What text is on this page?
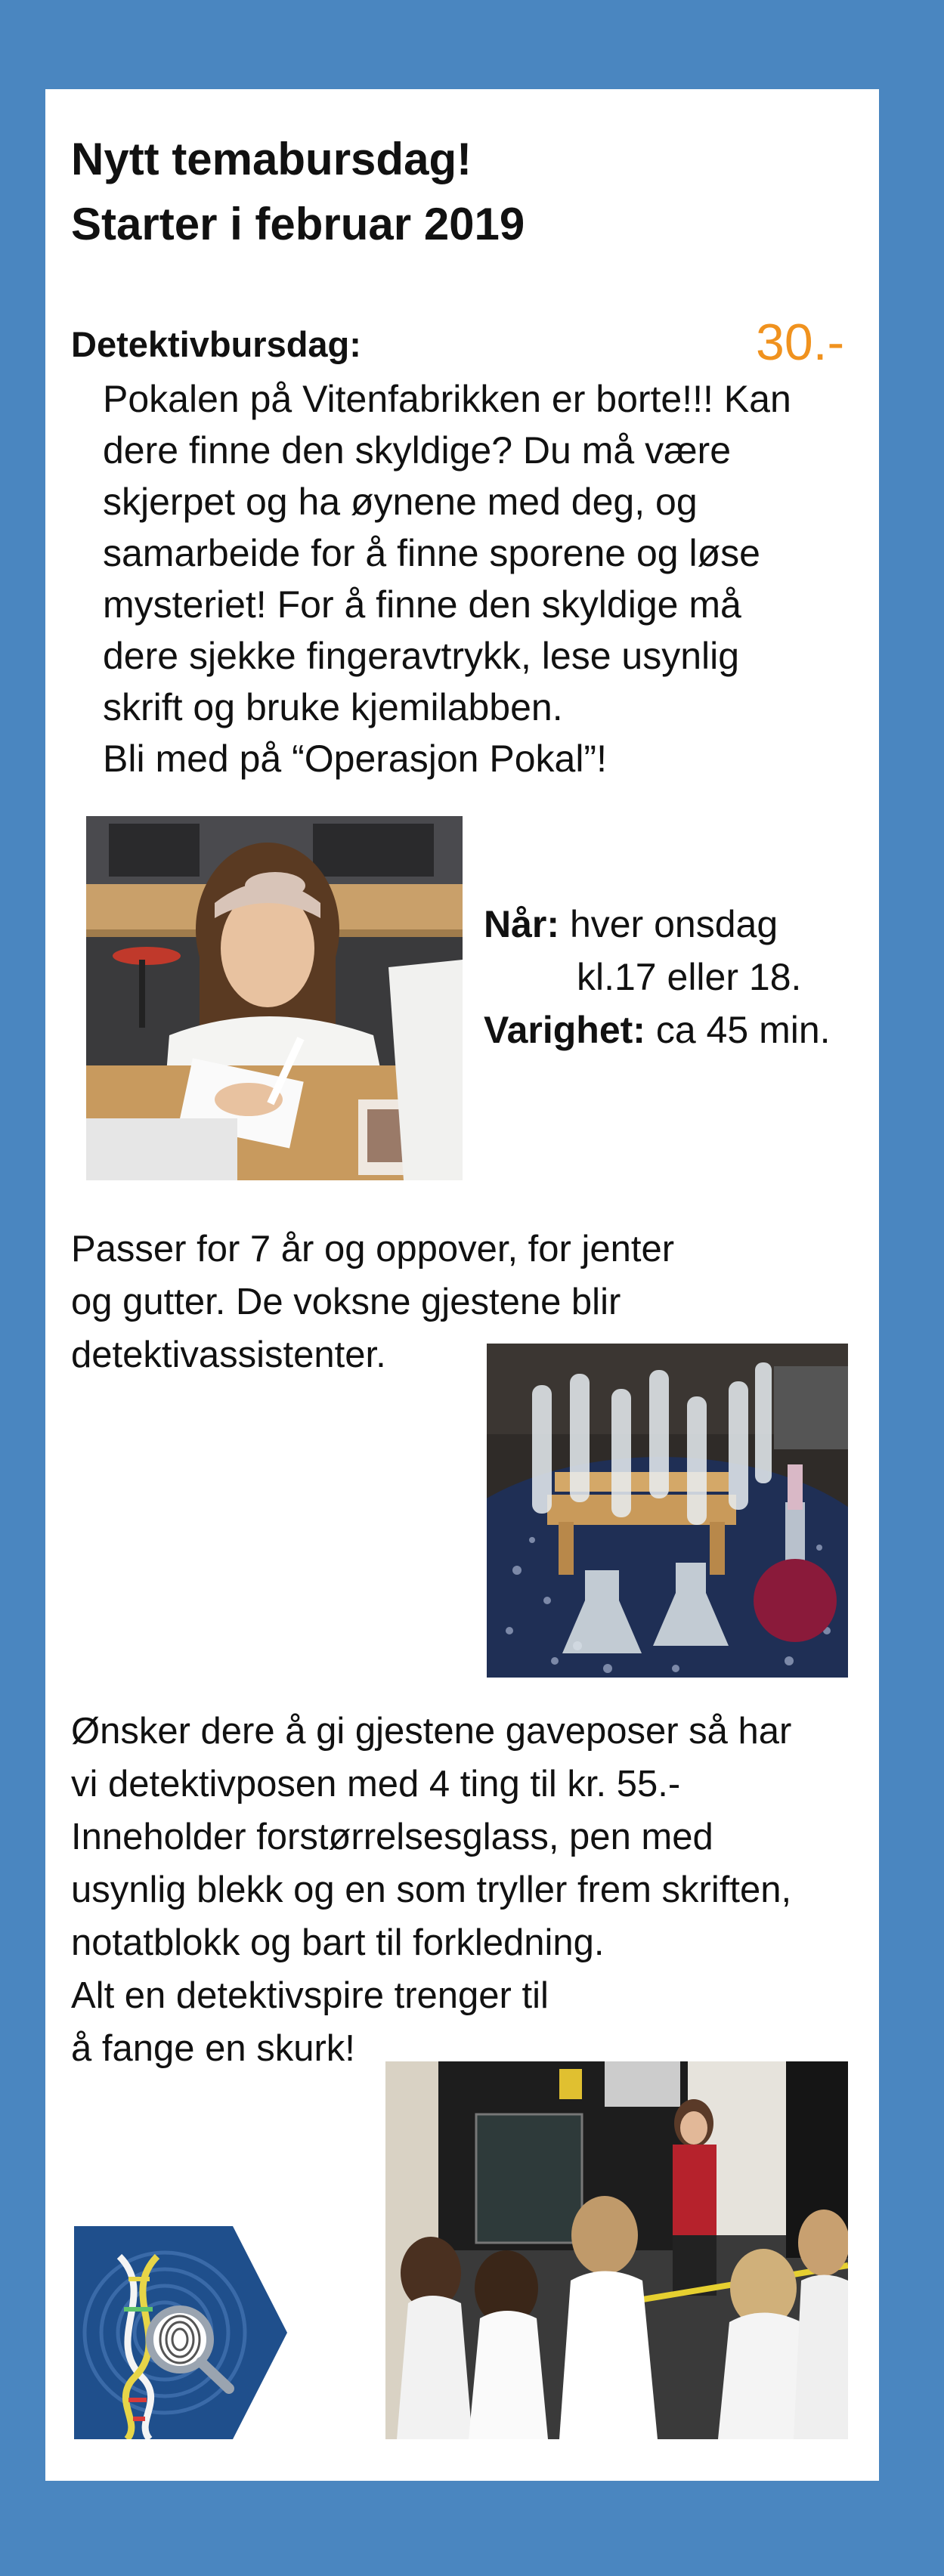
Nytt temabursdag!
Starter i februar 2019
Detektivbursdag:	30.-

Pokalen på Vitenfabrikken er borte!!! Kan
dere finne den skyldige? Du må være
skjerpet og ha øynene med deg, og
samarbeide for å finne sporene og løse
mysteriet! For å finne den skyldige må
dere sjekke fingeravtrykk, lese usynlig
skrift og bruke kjemilabben.
Bli med på “Operasjon Pokal”!

Når: hver onsdag
kl.17 eller 18.
Varighet: ca 45 min.

Passer for 7 år og oppover, for jenter
og gutter. De voksne gjestene blir
detektivassistenter.

Ønsker dere å gi gjestene gaveposer så har
vi detektivposen med 4 ting til kr. 55.-
Inneholder forstørrelsesglass, pen med
usynlig blekk og en som tryller frem skriften,
notatblokk og bart til forkledning.
Alt en detektivspire trenger til
å fange en skurk!
